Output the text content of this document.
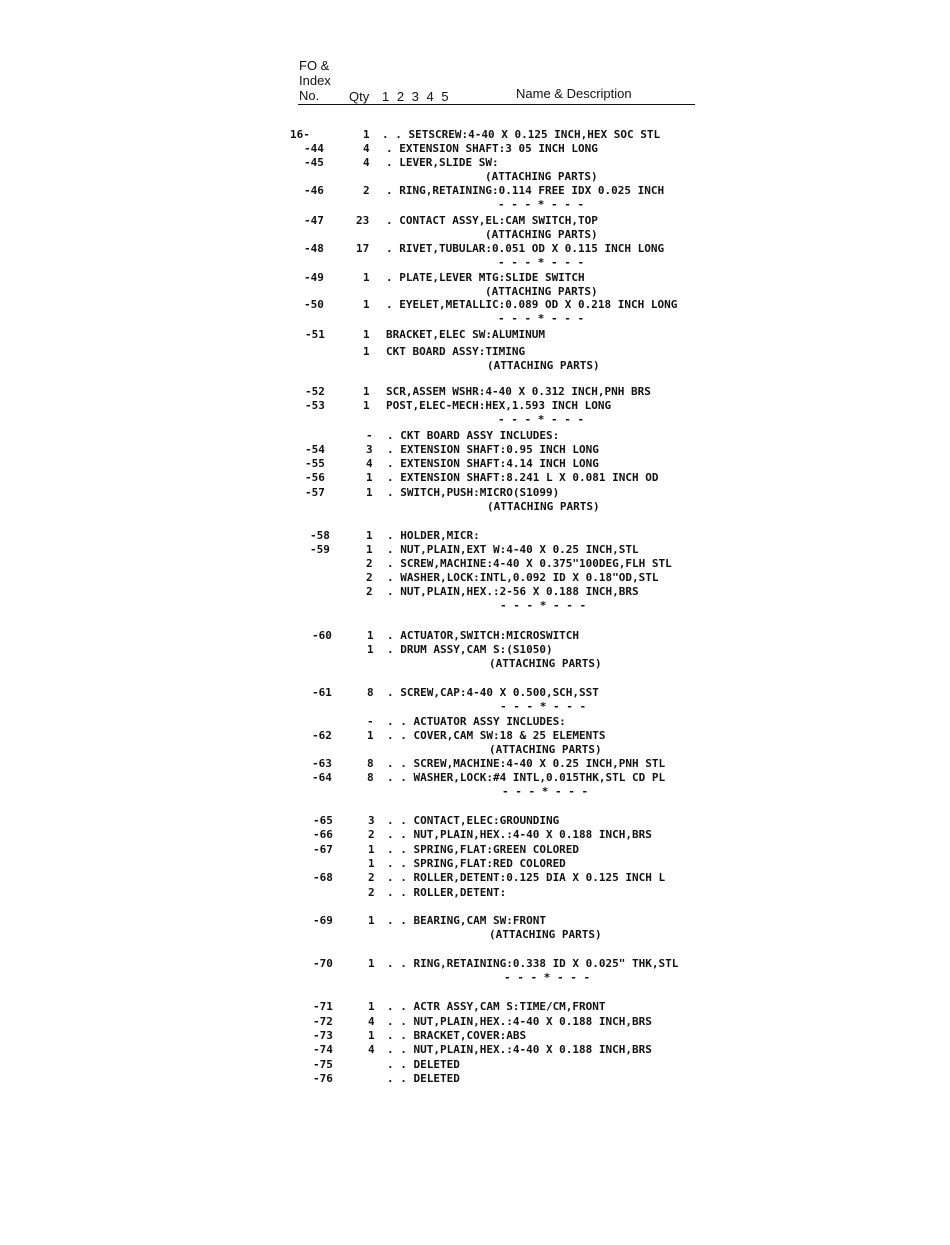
FO &
Index
No.	Qty 1 2 3 4 5	Name & Description
16-	1 . . SETSCREW:4-40 X 0.125 INCH,HEX SOC STL
-44	4 . EXTENSION SHAFT:3 05 INCH LONG
-45	4 . LEVER,SLIDE SW:
(ATTACHING PARTS)
-46	2 . RING,RETAINING:0.114 FREE IDX 0.025 INCH
- - - * - - -
-47	23 . CONTACT ASSY,EL:CAM SWITCH,TOP
(ATTACHING PARTS)
-48	17 . RIVET,TUBULAR:0.051 OD X 0.115 INCH LONG
- - - * - - -
-49	1 . PLATE,LEVER MTG:SLIDE SWITCH
(ATTACHING PARTS)
-50	1 . EYELET,METALLIC:0.089 OD X 0.218 INCH LONG
- - - * - - -
-51	1 BRACKET,ELEC SW:ALUMINUM
1 CKT BOARD ASSY:TIMING
(ATTACHING PARTS)
-52	1 SCR,ASSEM WSHR:4-40 X 0.312 INCH,PNH BRS
-53	1 POST,ELEC-MECH:HEX,1.593 INCH LONG
- - - * - - -
- . CKT BOARD ASSY INCLUDES:
-54	3 . EXTENSION SHAFT:0.95 INCH LONG
-55	4 . EXTENSION SHAFT:4.14 INCH LONG
-56	1 . EXTENSION SHAFT:8.241 L X 0.081 INCH OD
-57	1 . SWITCH,PUSH:MICRO(S1099)
(ATTACHING PARTS)
-58	1 . HOLDER,MICR:
-59	1 . NUT,PLAIN,EXT W:4-40 X 0.25 INCH,STL
2 . SCREW,MACHINE:4-40 X 0.375"100DEG,FLH STL
2 . WASHER,LOCK:INTL,0.092 ID X 0.18"OD,STL
2 . NUT,PLAIN,HEX.:2-56 X 0.188 INCH,BRS
- - - * - - -
-60	1 . ACTUATOR,SWITCH:MICROSWITCH
1 . DRUM ASSY,CAM S:(S1050)
(ATTACHING PARTS)
-61	8 . SCREW,CAP:4-40 X 0.500,SCH,SST
- - - * - - -
- . . ACTUATOR ASSY INCLUDES:
-62	1 . . COVER,CAM SW:18 & 25 ELEMENTS
(ATTACHING PARTS)
-63	8 . . SCREW,MACHINE:4-40 X 0.25 INCH,PNH STL
-64	8 . . WASHER,LOCK:#4 INTL,0.015THK,STL CD PL
- - - * - - -
-65	3 . . CONTACT,ELEC:GROUNDING
-66	2 . . NUT,PLAIN,HEX.:4-40 X 0.188 INCH,BRS
-67	1 . . SPRING,FLAT:GREEN COLORED
1 . . SPRING,FLAT:RED COLORED
-68	2 . . ROLLER,DETENT:0.125 DIA X 0.125 INCH L
2 . . ROLLER,DETENT:
-69	1 . . BEARING,CAM SW:FRONT
(ATTACHING PARTS)
-70	1 . . RING,RETAINING:0.338 ID X 0.025" THK,STL
- - - * - - -
-71	1 . . ACTR ASSY,CAM S:TIME/CM,FRONT
-72	4 . . NUT,PLAIN,HEX.:4-40 X 0.188 INCH,BRS
-73	1 . . BRACKET,COVER:ABS
-74	4 . . NUT,PLAIN,HEX.:4-40 X 0.188 INCH,BRS
-75	. . DELETED
-76	. . DELETED
